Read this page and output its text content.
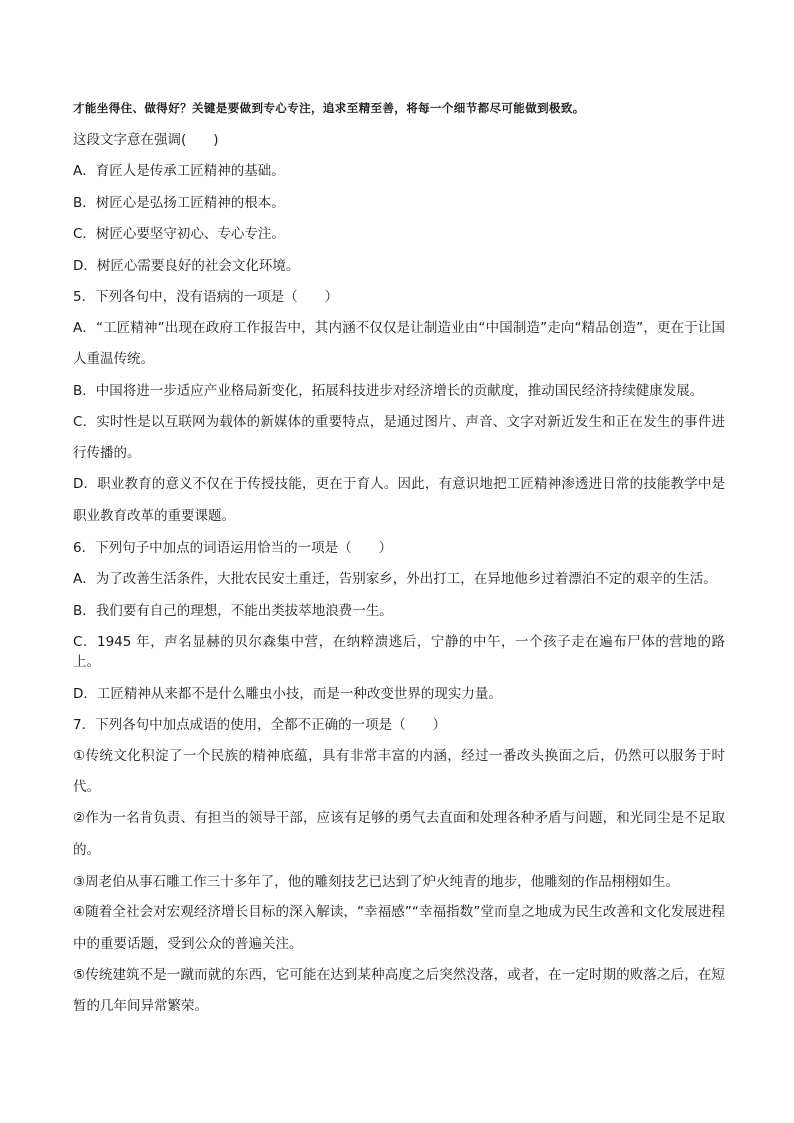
才能坐得住、做得好？关键是要做到专心专注，追求至精至善，将每一个细节都尽可能做到极致。

这段文字意在强调(　　)

A．育匠人是传承工匠精神的基础。

B．树匠心是弘扬工匠精神的根本。

C．树匠心要坚守初心、专心专注。

D．树匠心需要良好的社会文化环境。

5．下列各句中，没有语病的一项是（　　）

A．“工匠精神”出现在政府工作报告中，其内涵不仅仅是让制造业由“中国制造”走向“精品创造”，更在于让国人重温传统。

B．中国将进一步适应产业格局新变化，拓展科技进步对经济增长的贡献度，推动国民经济持续健康发展。

C．实时性是以互联网为载体的新媒体的重要特点，是通过图片、声音、文字对新近发生和正在发生的事件进行传播的。

D．职业教育的意义不仅在于传授技能，更在于育人。因此，有意识地把工匠精神渗透进日常的技能教学中是职业教育改革的重要课题。

6．下列句子中加点的词语运用恰当的一项是（　　）

A．为了改善生活条件，大批农民安土重迁，告别家乡，外出打工，在异地他乡过着漂泊不定的艰辛的生活。

B．我们要有自己的理想，不能出类拔萃地浪费一生。

C．1945 年，声名显赫的贝尔森集中营，在纳粹溃逃后，宁静的中午，一个孩子走在遍布尸体的营地的路上。

D．工匠精神从来都不是什么雕虫小技，而是一种改变世界的现实力量。

7．下列各句中加点成语的使用，全都不正确的一项是（　　）

①传统文化积淀了一个民族的精神底蕴，具有非常丰富的内涵，经过一番改头换面之后，仍然可以服务于时代。

②作为一名肯负责、有担当的领导干部，应该有足够的勇气去直面和处理各种矛盾与问题，和光同尘是不足取的。

③周老伯从事石雕工作三十多年了，他的雕刻技艺已达到了炉火纯青的地步，他雕刻的作品栩栩如生。

④随着全社会对宏观经济增长目标的深入解读，“幸福感”“幸福指数”堂而皇之地成为民生改善和文化发展进程中的重要话题，受到公众的普遍关注。

⑤传统建筑不是一蹴而就的东西，它可能在达到某种高度之后突然没落，或者，在一定时期的败落之后，在短暂的几年间异常繁荣。
